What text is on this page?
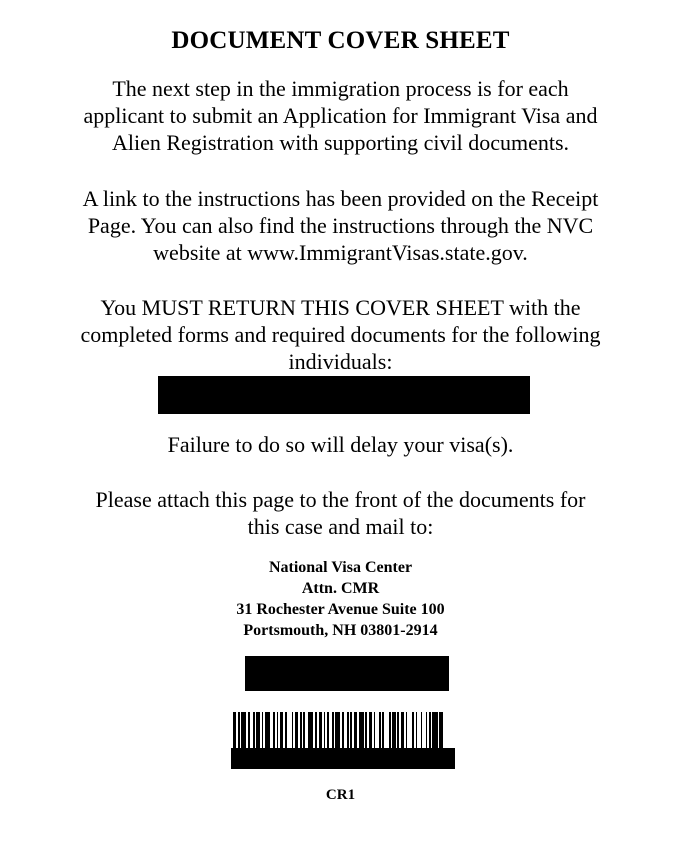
DOCUMENT COVER SHEET
The next step in the immigration process is for each
applicant to submit an Application for Immigrant Visa and
Alien Registration with supporting civil documents.
A link to the instructions has been provided on the Receipt
Page. You can also find the instructions through the NVC
website at www.ImmigrantVisas.state.gov.
You MUST RETURN THIS COVER SHEET with the
completed forms and required documents for the following
individuals:
Failure to do so will delay your visa(s).
Please attach this page to the front of the documents for
this case and mail to:
National Visa Center
Attn. CMR
31 Rochester Avenue Suite 100
Portsmouth, NH 03801-2914
CR1
